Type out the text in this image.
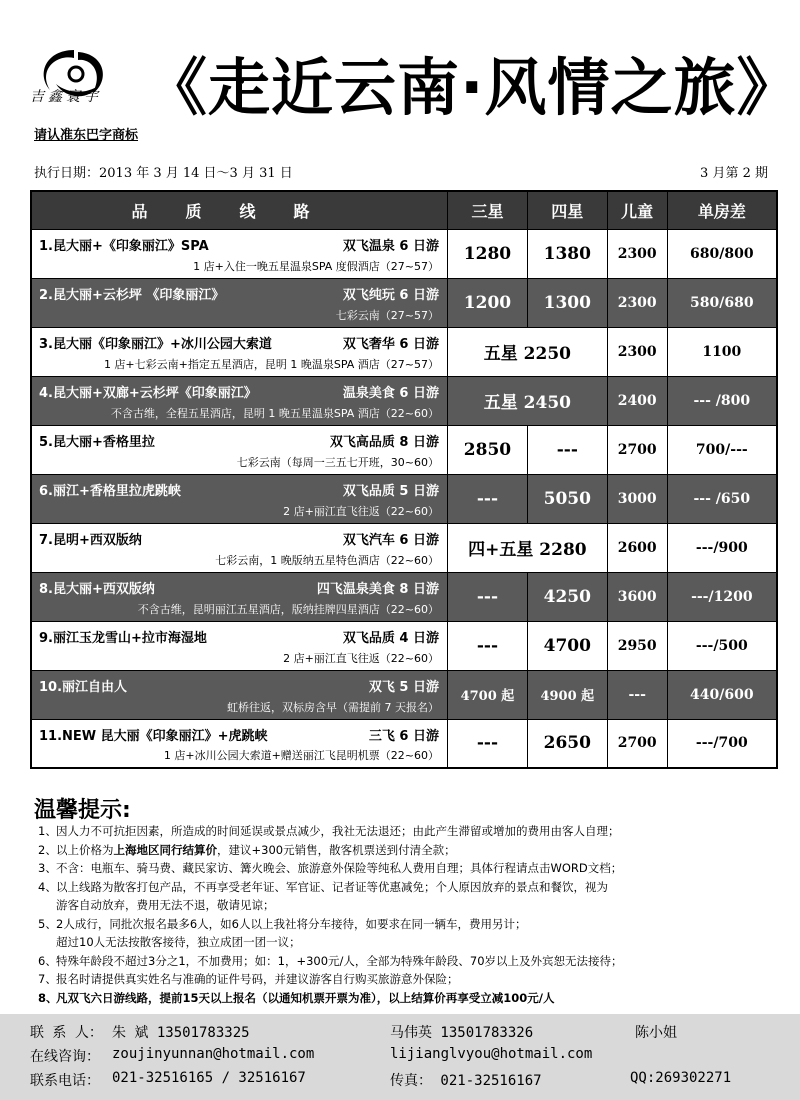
吉鑫寰宇 《走近云南·风情之旅》
请认准东巴字商标
执行日期：2013 年 3 月 14 日～3 月 31 日	3 月第 2 期
品质线路	三星	四星	儿童	单房差

1.昆大丽+《印象丽江》SPA 双飞温泉 6 日游
1 店+入住一晚五星温泉SPA 度假酒店（27~57）	1280	1380	2300	680/800

2.昆大丽+云杉坪 《印象丽江》 双飞纯玩 6 日游
七彩云南（27~57）	1200	1300	2300	580/680

3.昆大丽《印象丽江》+冰川公园大索道 双飞奢华 6 日游
1 店+七彩云南+指定五星酒店，昆明 1 晚温泉SPA 酒店（27~57）	五星 2250		2300	1100

4.昆大丽+双廊+云杉坪《印象丽江》 温泉美食 6 日游
不含古维，全程五星酒店，昆明 1 晚五星温泉SPA 酒店（22~60）	五星 2450		2400	--- /800

5.昆大丽+香格里拉 双飞高品质 8 日游
七彩云南（每周一三五七开班，30~60）	2850	---	2700	700/---

6.丽江+香格里拉虎跳峡 双飞品质 5 日游
2 店+丽江直飞往返（22~60）	---	5050	3000	--- /650

7.昆明+西双版纳 双飞汽车 6 日游
七彩云南，1 晚版纳五星特色酒店（22~60）	四+五星 2280		2600	---/900

8.昆大丽+西双版纳 四飞温泉美食 8 日游
不含古维，昆明丽江五星酒店，版纳挂牌四星酒店（22~60）	---	4250	3600	---/1200

9.丽江玉龙雪山+拉市海湿地 双飞品质 4 日游
2 店+丽江直飞往返（22~60）	---	4700	2950	---/500

10.丽江自由人 双飞 5 日游
虹桥往返，双标房含早（需提前 7 天报名）	4700 起	4900 起	---	440/600

11.NEW 昆大丽《印象丽江》+虎跳峡 三飞 6 日游
1 店+冰川公园大索道+赠送丽江飞昆明机票（22~60）	---	2650	2700	---/700
温馨提示:
1、因人力不可抗拒因素，所造成的时间延误或景点减少，我社无法退还；由此产生滞留或增加的费用由客人自理；
2、以上价格为上海地区同行结算价，建议+300元销售，散客机票送到付清全款；
3、不含：电瓶车、骑马费、藏民家访、篝火晚会、旅游意外保险等纯私人费用自理；具体行程请点击WORD文档；
4、以上线路为散客打包产品，不再享受老年证、军官证、记者证等优惠减免；个人原因放弃的景点和餐饮，视为
游客自动放弃，费用无法不退，敬请见谅；
5、2人成行，同批次报名最多6人，如6人以上我社将分车接待，如要求在同一辆车，费用另计；
超过10人无法按散客接待，独立成团一团一议；
6、特殊年龄段不超过3分之1，不加费用；如：1，+300元/人，全部为特殊年龄段、70岁以上及外宾恕无法接待；
7、报名时请提供真实姓名与准确的证件号码，并建议游客自行购买旅游意外保险；
8、凡双飞六日游线路，提前15天以上报名（以通知机票开票为准），以上结算价再享受立减100元/人
联 系 人： 朱 斌 13501783325	马伟英 13501783326	陈小姐
在线咨询： zoujinyunnan@hotmail.com	lijianglvyou@hotmail.com
联系电话： 021-32516165 / 32516167	传真： 021-32516167	QQ:269302271
